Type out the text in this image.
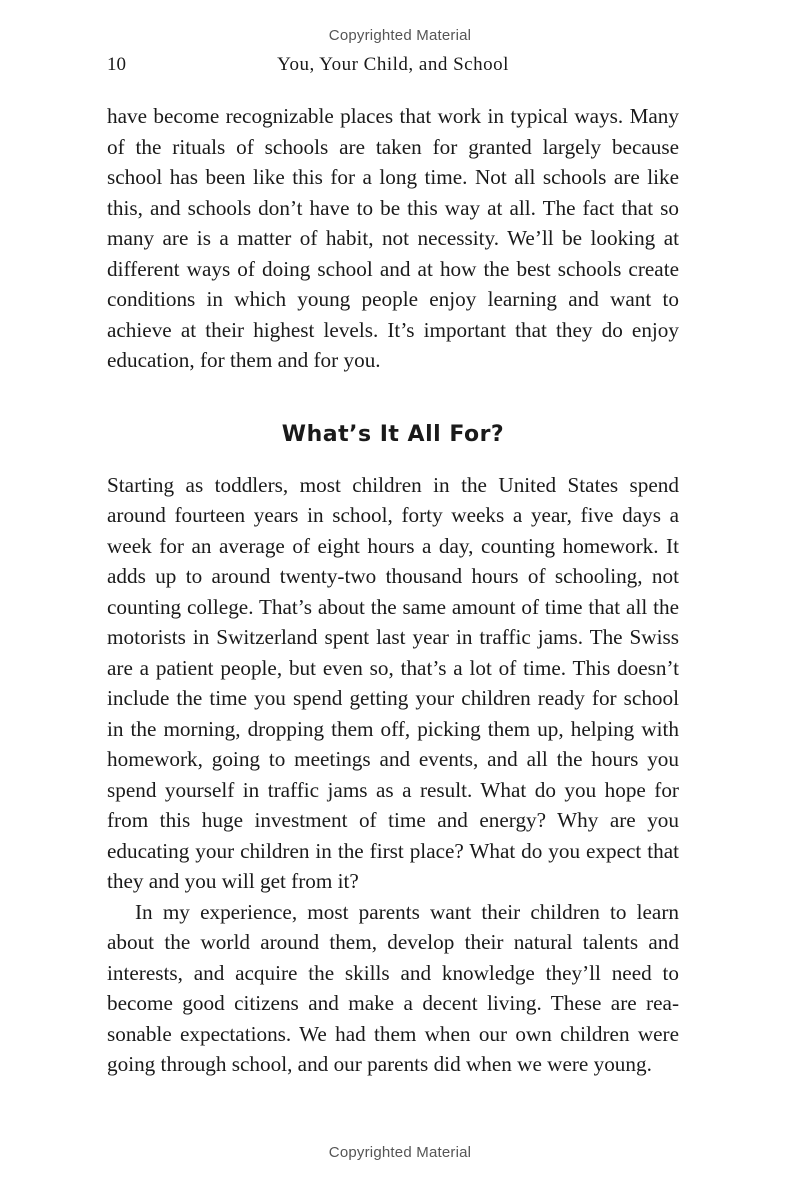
Copyrighted Material
10	You, Your Child, and School

have become recognizable places that work in typical ways. Many of the rituals of schools are taken for granted largely because school has been like this for a long time. Not all schools are like this, and schools don’t have to be this way at all. The fact that so many are is a matter of habit, not necessity. We’ll be looking at different ways of doing school and at how the best schools create conditions in which young people enjoy learning and want to achieve at their highest levels. It’s important that they do enjoy education, for them and for you.

What’s It All For?

Starting as toddlers, most children in the United States spend around fourteen years in school, forty weeks a year, five days a week for an average of eight hours a day, counting homework. It adds up to around twenty-two thousand hours of schooling, not counting college. That’s about the same amount of time that all the motorists in Switzerland spent last year in traffic jams. The Swiss are a patient people, but even so, that’s a lot of time. This doesn’t include the time you spend getting your children ready for school in the morning, dropping them off, picking them up, helping with homework, going to meetings and events, and all the hours you spend yourself in traffic jams as a result. What do you hope for from this huge investment of time and energy? Why are you educating your children in the first place? What do you expect that they and you will get from it?

In my experience, most parents want their children to learn about the world around them, develop their natural talents and interests, and acquire the skills and knowledge they’ll need to become good citizens and make a decent living. These are reasonable expectations. We had them when our own children were going through school, and our parents did when we were young.

Copyrighted Material
